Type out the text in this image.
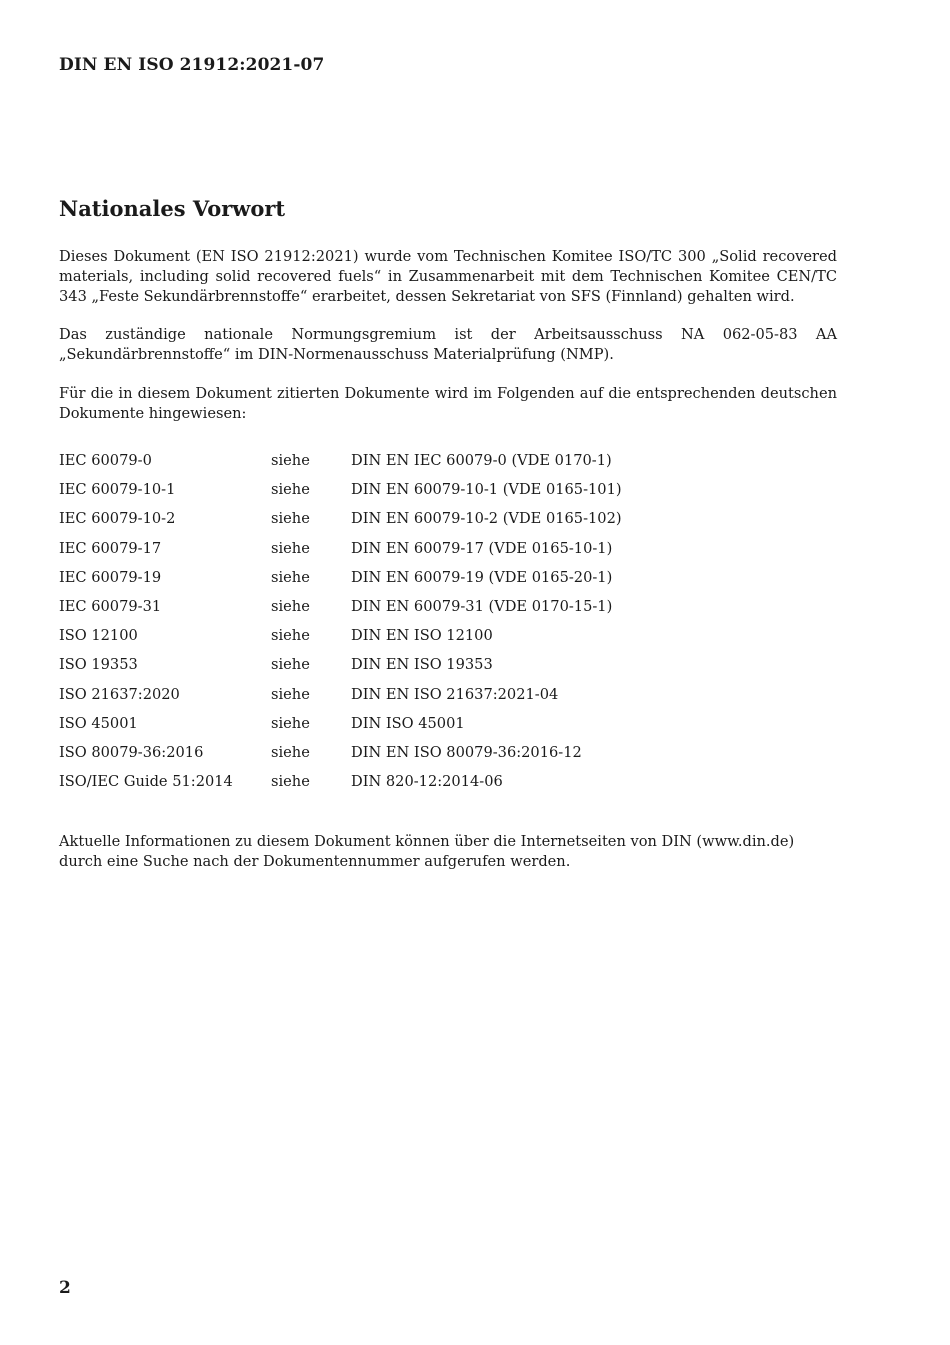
DIN EN ISO 21912:2021-07
Nationales Vorwort
Dieses Dokument (EN ISO 21912:2021) wurde vom Technischen Komitee ISO/TC 300 „Solid recovered materials, including solid recovered fuels“ in Zusammenarbeit mit dem Technischen Komitee CEN/TC 343 „Feste Sekundärbrennstoffe“ erarbeitet, dessen Sekretariat von SFS (Finnland) gehalten wird.
Das zuständige nationale Normungsgremium ist der Arbeitsausschuss NA 062-05-83 AA „Sekundärbrennstoffe“ im DIN-Normenausschuss Materialprüfung (NMP).
Für die in diesem Dokument zitierten Dokumente wird im Folgenden auf die entsprechenden deutschen Dokumente hingewiesen:
IEC 60079-0	siehe	DIN EN IEC 60079-0 (VDE 0170-1)
IEC 60079-10-1	siehe	DIN EN 60079-10-1 (VDE 0165-101)
IEC 60079-10-2	siehe	DIN EN 60079-10-2 (VDE 0165-102)
IEC 60079-17	siehe	DIN EN 60079-17 (VDE 0165-10-1)
IEC 60079-19	siehe	DIN EN 60079-19 (VDE 0165-20-1)
IEC 60079-31	siehe	DIN EN 60079-31 (VDE 0170-15-1)
ISO 12100	siehe	DIN EN ISO 12100
ISO 19353	siehe	DIN EN ISO 19353
ISO 21637:2020	siehe	DIN EN ISO 21637:2021-04
ISO 45001	siehe	DIN ISO 45001
ISO 80079-36:2016	siehe	DIN EN ISO 80079-36:2016-12
ISO/IEC Guide 51:2014	siehe	DIN 820-12:2014-06
Aktuelle Informationen zu diesem Dokument können über die Internetseiten von DIN (www.din.de) durch eine Suche nach der Dokumentennummer aufgerufen werden.
2
